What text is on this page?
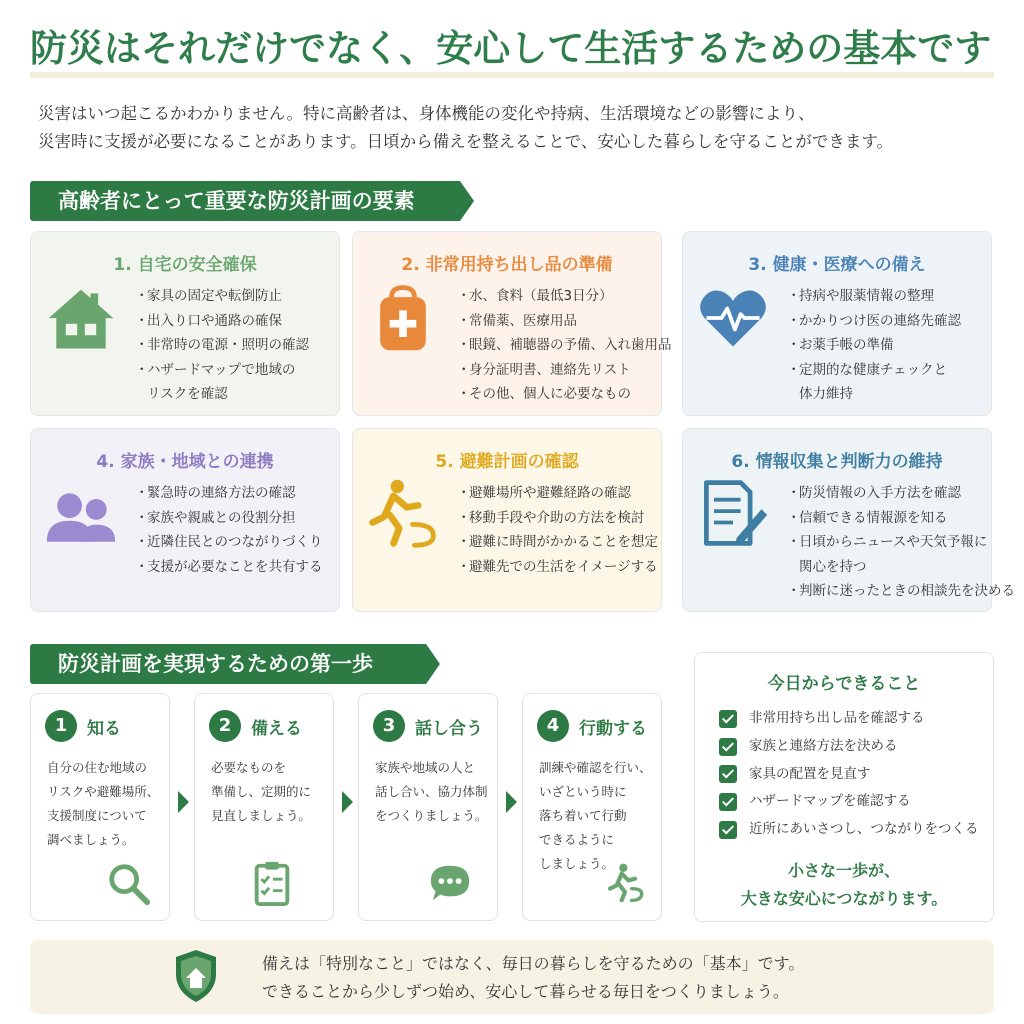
防災はそれだけでなく、安心して生活するための基本です

災害はいつ起こるかわかりません。特に高齢者は、身体機能の変化や持病、生活環境などの影響により、

災害時に支援が必要になることがあります。日頃から備えを整えることで、安心した暮らしを守ることができます。

高齢者にとって重要な防災計画の要素
1. 自宅の安全確保
・家具の固定や転倒防止
・出入り口や通路の確保
・非常時の電源・照明の確認
・ハザードマップで地域の
リスクを確認
2. 非常用持ち出し品の準備
・水、食料（最低3日分）
・常備薬、医療用品
・眼鏡、補聴器の予備、入れ歯用品
・身分証明書、連絡先リスト
・その他、個人に必要なもの
3. 健康・医療への備え
・持病や服薬情報の整理
・かかりつけ医の連絡先確認
・お薬手帳の準備
・定期的な健康チェックと
体力維持
4. 家族・地域との連携
・緊急時の連絡方法の確認
・家族や親戚との役割分担
・近隣住民とのつながりづくり
・支援が必要なことを共有する
5. 避難計画の確認
・避難場所や避難経路の確認
・移動手段や介助の方法を検討
・避難に時間がかかることを想定
・避難先での生活をイメージする
6. 情報収集と判断力の維持
・防災情報の入手方法を確認
・信頼できる情報源を知る
・日頃からニュースや天気予報に
関心を持つ
・判断に迷ったときの相談先を決める
防災計画を実現するための第一歩
1	知る
自分の住む地域の
リスクや避難場所、
支援制度について
調べましょう。
2	備える
必要なものを
準備し、定期的に
見直しましょう。
3	話し合う
家族や地域の人と
話し合い、協力体制
をつくりましょう。
4	行動する
訓練や確認を行い、
いざという時に
落ち着いて行動
できるように
しましょう。
今日からできること
非常用持ち出し品を確認する
家族と連絡方法を決める
家具の配置を見直す
ハザードマップを確認する
近所にあいさつし、つながりをつくる
小さな一歩が、
大きな安心につながります。
備えは「特別なこと」ではなく、毎日の暮らしを守るための「基本」です。
できることから少しずつ始め、安心して暮らせる毎日をつくりましょう。
